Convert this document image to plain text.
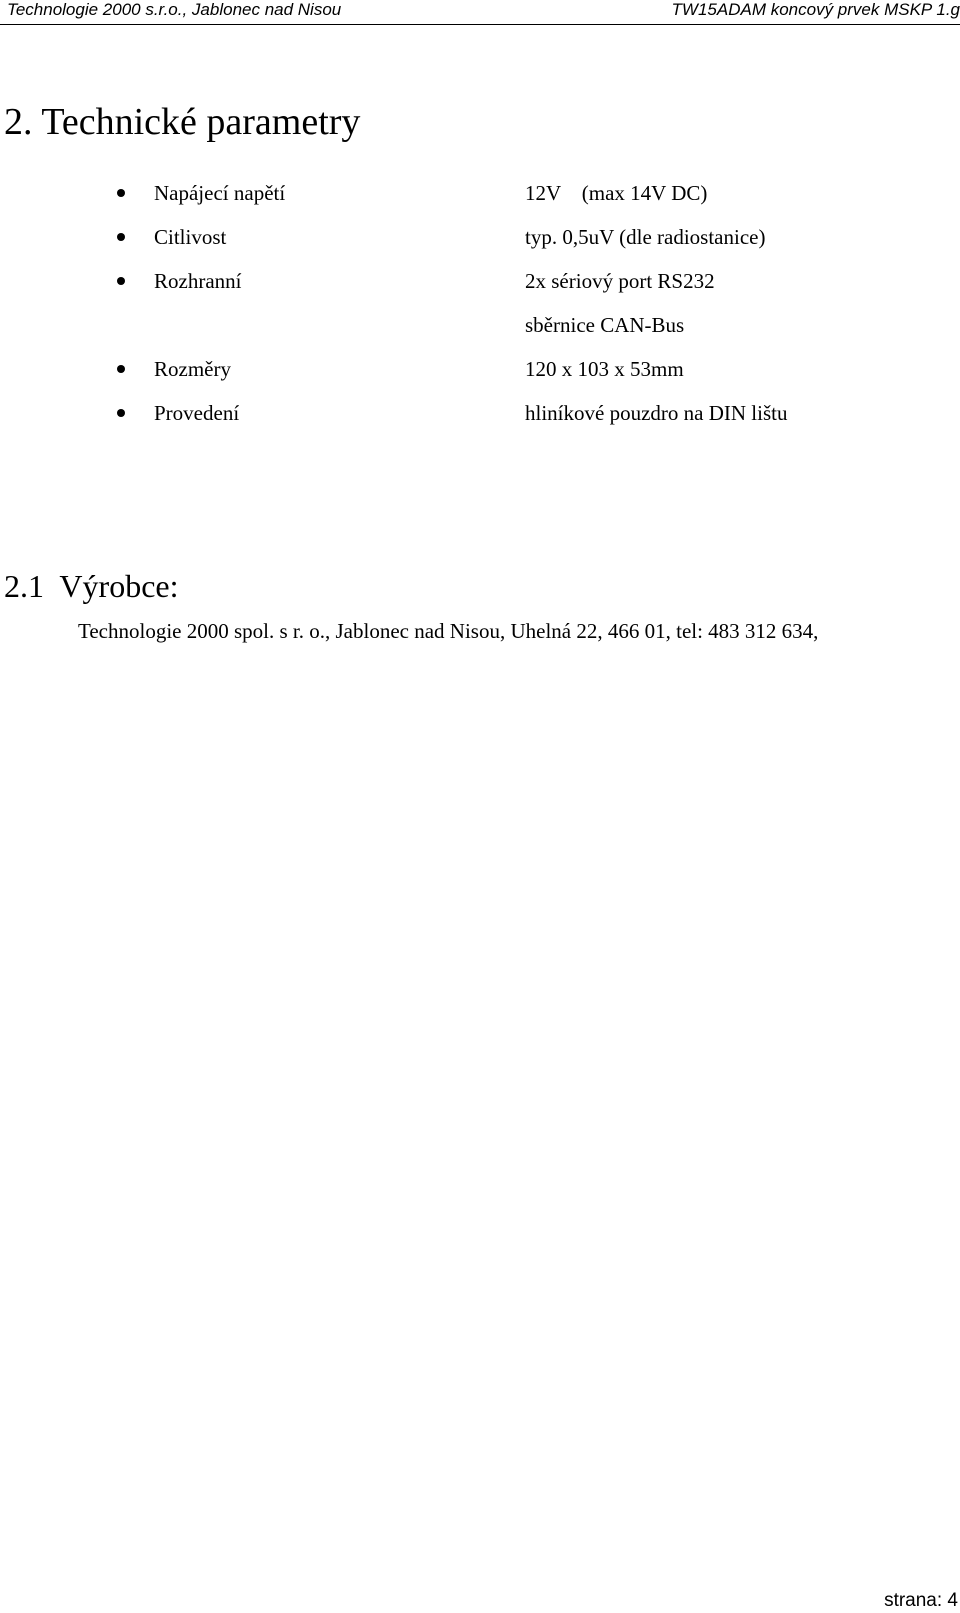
Technologie 2000 s.r.o., Jablonec nad Nisou	TW15ADAM koncový prvek MSKP 1.g
2. Technické parametry
Napájecí napětí	12V    (max 14V DC)
Citlivost	typ. 0,5uV (dle radiostanice)
Rozhranní	2x sériový port RS232
sběrnice CAN-Bus
Rozměry	120 x 103 x 53mm
Provedení	hliníkové pouzdro na DIN lištu
2.1  Výrobce:
Technologie 2000 spol. s r. o., Jablonec nad Nisou, Uhelná 22, 466 01, tel: 483 312 634,
strana: 4
